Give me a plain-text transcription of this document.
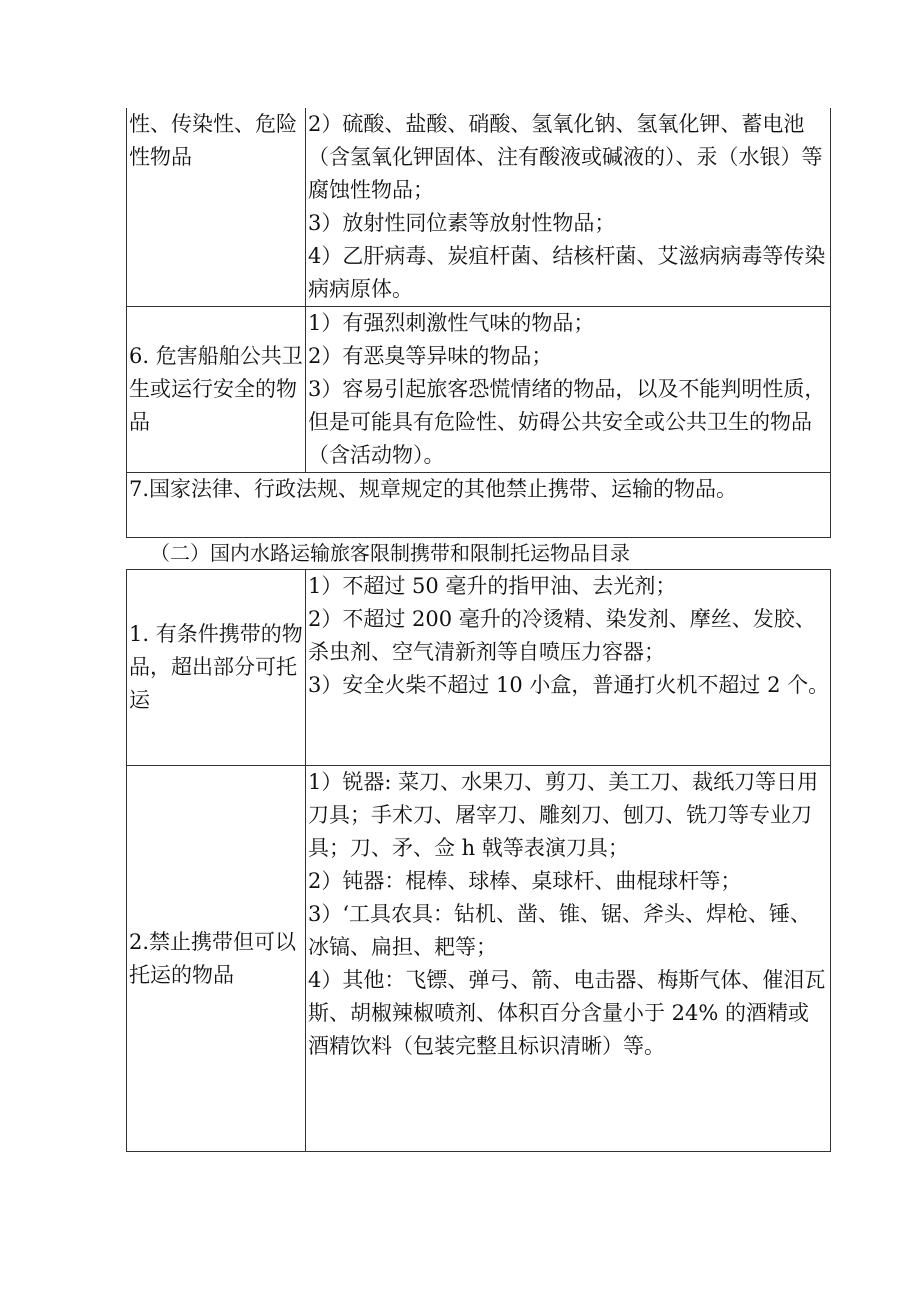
性、传染性、危险性物品	2）硫酸、盐酸、硝酸、氢氧化钠、氢氧化钾、蓄电池（含氢氧化钾固体、注有酸液或碱液的）、汞（水银）等腐蚀性物品；
3）放射性同位素等放射性物品；
4）乙肝病毒、炭疽杆菌、结核杆菌、艾滋病病毒等传染病病原体。

6. 危害船舶公共卫生或运行安全的物品	1）有强烈刺激性气味的物品；
2）有恶臭等异味的物品；
3）容易引起旅客恐慌情绪的物品，以及不能判明性质，但是可能具有危险性、妨碍公共安全或公共卫生的物品（含活动物）。

7.国家法律、行政法规、规章规定的其他禁止携带、运输的物品。	
（二）国内水路运输旅客限制携带和限制托运物品目录
1. 有条件携带的物品，超出部分可托运	1）不超过 50 毫升的指甲油、去光剂；
2）不超过 200 毫升的冷烫精、染发剂、摩丝、发胶、杀虫剂、空气清新剂等自喷压力容器；
3）安全火柴不超过 10 小盒，普通打火机不超过 2 个。

2.禁止携带但可以托运的物品	1）锐器: 菜刀、水果刀、剪刀、美工刀、裁纸刀等日用刀具；手术刀、屠宰刀、雕刻刀、刨刀、铣刀等专业刀具；刀、矛、佥 h 戟等表演刀具；
2）钝器：棍棒、球棒、桌球杆、曲棍球杆等；
3）‘工具农具：钻机、凿、锥、锯、斧头、焊枪、锤、冰镐、扁担、耙等；
4）其他：飞镖、弹弓、箭、电击器、梅斯气体、催泪瓦斯、胡椒辣椒喷剂、体积百分含量小于 24% 的酒精或酒精饮料（包装完整且标识清晰）等。
